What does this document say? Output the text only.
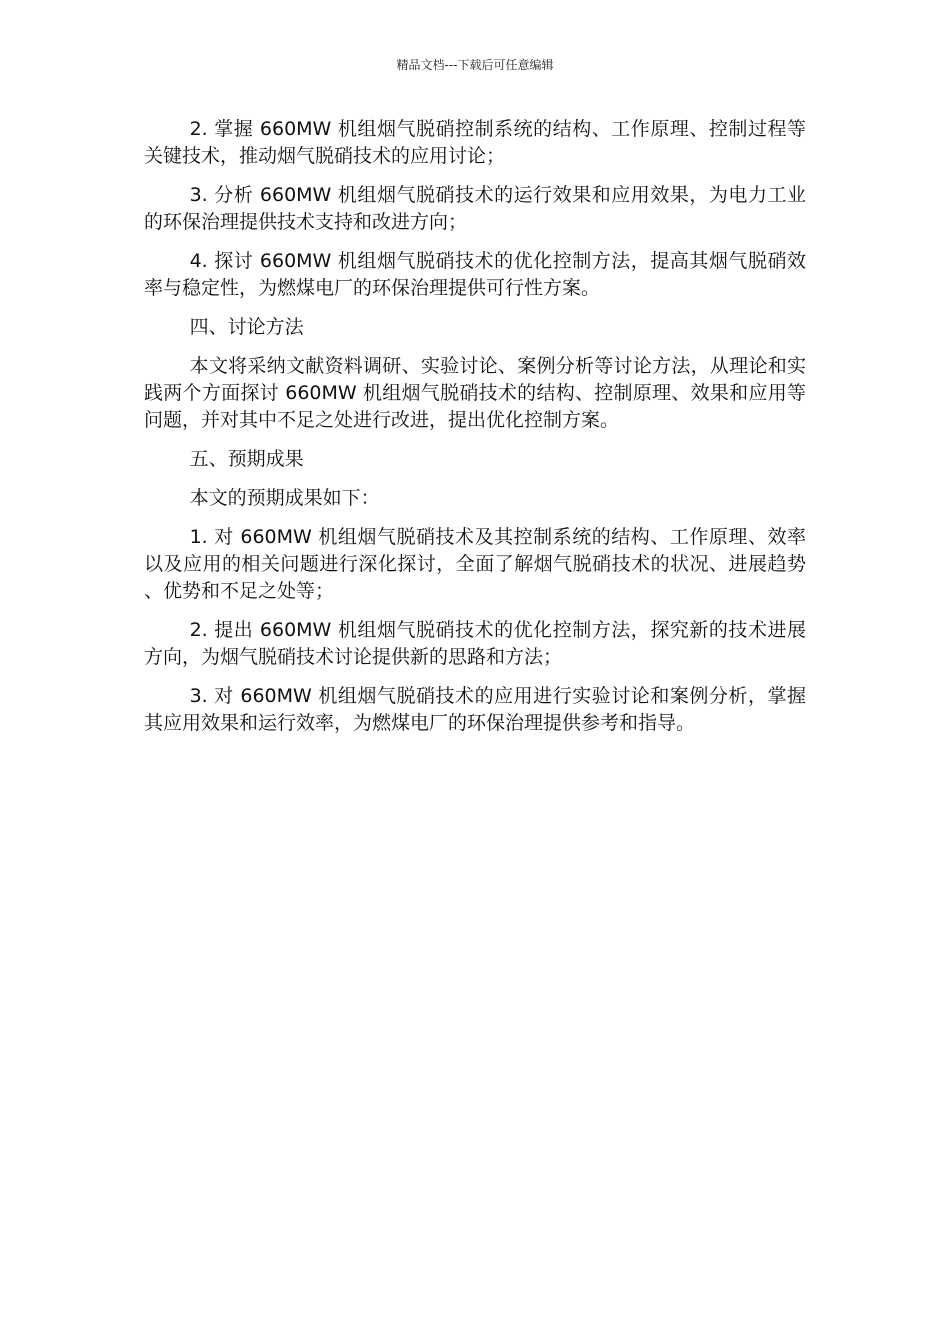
精品文档---下载后可任意编辑

2. 掌握 660MW 机组烟气脱硝控制系统的结构、工作原理、控制过程等关键技术，推动烟气脱硝技术的应用讨论；

3. 分析 660MW 机组烟气脱硝技术的运行效果和应用效果，为电力工业的环保治理提供技术支持和改进方向；

4. 探讨 660MW 机组烟气脱硝技术的优化控制方法，提高其烟气脱硝效率与稳定性，为燃煤电厂的环保治理提供可行性方案。

四、讨论方法

本文将采纳文献资料调研、实验讨论、案例分析等讨论方法，从理论和实践两个方面探讨 660MW 机组烟气脱硝技术的结构、控制原理、效果和应用等问题，并对其中不足之处进行改进，提出优化控制方案。

五、预期成果

本文的预期成果如下：

1. 对 660MW 机组烟气脱硝技术及其控制系统的结构、工作原理、效率以及应用的相关问题进行深化探讨，全面了解烟气脱硝技术的状况、进展趋势、优势和不足之处等；

2. 提出 660MW 机组烟气脱硝技术的优化控制方法，探究新的技术进展方向，为烟气脱硝技术讨论提供新的思路和方法；

3. 对 660MW 机组烟气脱硝技术的应用进行实验讨论和案例分析，掌握其应用效果和运行效率，为燃煤电厂的环保治理提供参考和指导。
